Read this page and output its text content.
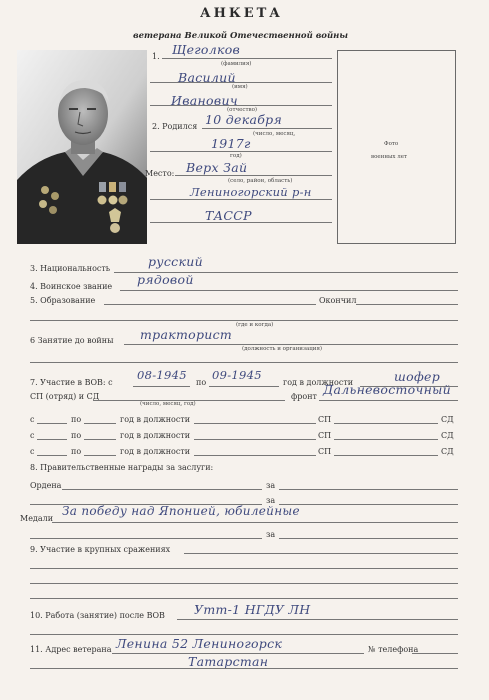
АНКЕТА
ветерана Великой Отечественной войны
Фото
военных лет
1. Щеголков
(фамилия)
Василий
(имя)
Иванович
(отчество)
2. Родился 10 декабря
(число, месяц,
1917г
год)
Место: Верх Зай
(село, район, область)
Лениногорский р-н
ТАССР
3. Национальность	русский
4. Воинское звание рядовой
5. Образование	Окончил
(где и когда)
6 Занятие до войны тракторист
(должность и организация)
7. Участие в ВОВ: с
08-1945
по
09-1945
год в должности	шофер
СП (отряд) и СД
(число, месяц, год)
фронт Дальневосточный
с	по	год в должности	СП	СД
с	по	год в должности	СП	СД
с	по	год в должности	СП	СД
8. Правительственные награды за заслуги:
Ордена	за
за
Медали
За победу над Японией, юбилейные
за
9. Участие в крупных сражениях
10. Работа (занятие) после ВОВ Утт-1 НГДУ ЛН
11. Адрес ветерана Ленина 52 Лениногорск	№ телефона
Татарстан
